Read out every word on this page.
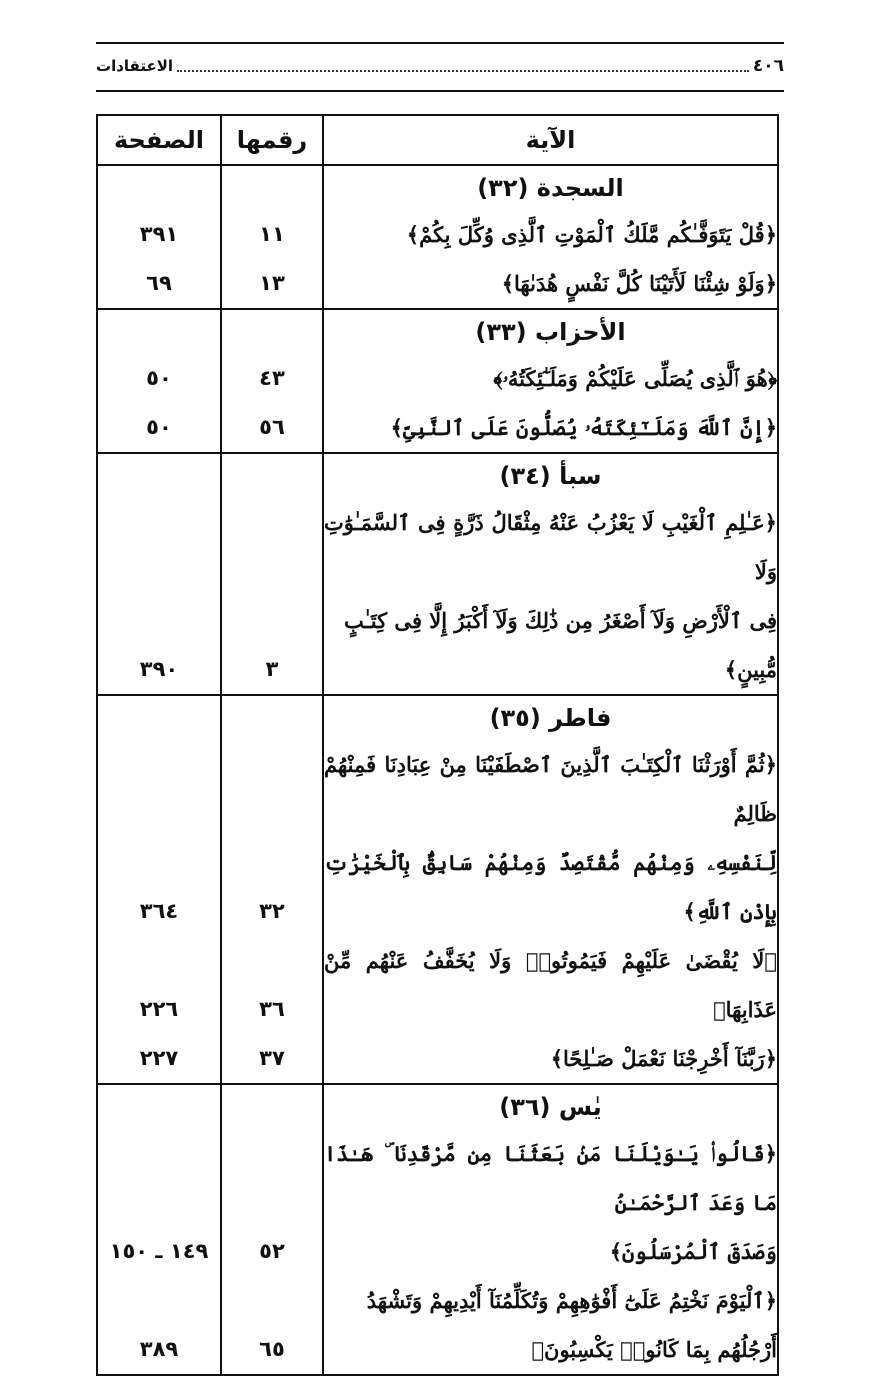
٤٠٦
الاعتقادات
الآية	رقمها	الصفحة

السجدة (٣٢)		

﴿قُلْ يَتَوَفَّـٰكُم مَّلَكُ ٱلْمَوْتِ ٱلَّذِى وُكِّلَ بِكُمْ﴾	١١	٣٩١

﴿وَلَوْ شِئْنَا لَأَتَيْنَا كُلَّ نَفْسٍ هُدَىٰهَا﴾	١٣	٦٩

الأحزاب (٣٣)		

﴿هُوَ ٱلَّذِى يُصَلِّى عَلَيْكُمْ وَمَلَـٰٓئِكَتُهُۥ﴾	٤٣	٥٠

﴿إِنَّ ٱللَّهَ وَمَلَـٰٓئِكَتَهُۥ يُصَلُّونَ عَلَى ٱلنَّبِىِّ﴾	٥٦	٥٠

سبأ (٣٤)		

﴿عَـٰلِمِ ٱلْغَيْبِ لَا يَعْزُبُ عَنْهُ مِثْقَالُ ذَرَّةٍ فِى ٱلسَّمَـٰوَٰتِ وَلَا
فِى ٱلْأَرْضِ وَلَآ أَصْغَرُ مِن ذَٰلِكَ وَلَآ أَكْبَرُ إِلَّا فِى كِتَـٰبٍ
مُّبِينٍ﴾	٣	٣٩٠

فاطر (٣٥)		

﴿ثُمَّ أَوْرَثْنَا ٱلْكِتَـٰبَ ٱلَّذِينَ ٱصْطَفَيْنَا مِنْ عِبَادِنَا فَمِنْهُمْ ظَالِمٌ
لِّنَفْسِهِۦ وَمِنْهُم مُّقْتَصِدٌ وَمِنْهُمْ سَابِقٌۢ بِٱلْخَيْرَٰتِ بِإِذْنِ ٱللَّهِ﴾	٣٢	٣٦٤

﴿لَا يُقْضَىٰ عَلَيْهِمْ فَيَمُوتُوا۟ وَلَا يُخَفَّفُ عَنْهُم مِّنْ عَذَابِهَا﴾	٣٦	٢٢٦

﴿رَبَّنَآ أَخْرِجْنَا نَعْمَلْ صَـٰلِحًا﴾	٣٧	٢٢٧

يٰس (٣٦)		

﴿قَالُوا۟ يَـٰوَيْلَنَا مَنۢ بَعَثَنَا مِن مَّرْقَدِنَا ۜ هَـٰذَا مَا وَعَدَ ٱلرَّحْمَـٰنُ
وَصَدَقَ ٱلْمُرْسَلُونَ﴾	٥٢	١٤٩ ـ ١٥٠

﴿ٱلْيَوْمَ نَخْتِمُ عَلَىٰٓ أَفْوَٰهِهِمْ وَتُكَلِّمُنَآ أَيْدِيهِمْ وَتَشْهَدُ
أَرْجُلُهُم بِمَا كَانُوا۟ يَكْسِبُونَ﴾	٦٥	٣٨٩
